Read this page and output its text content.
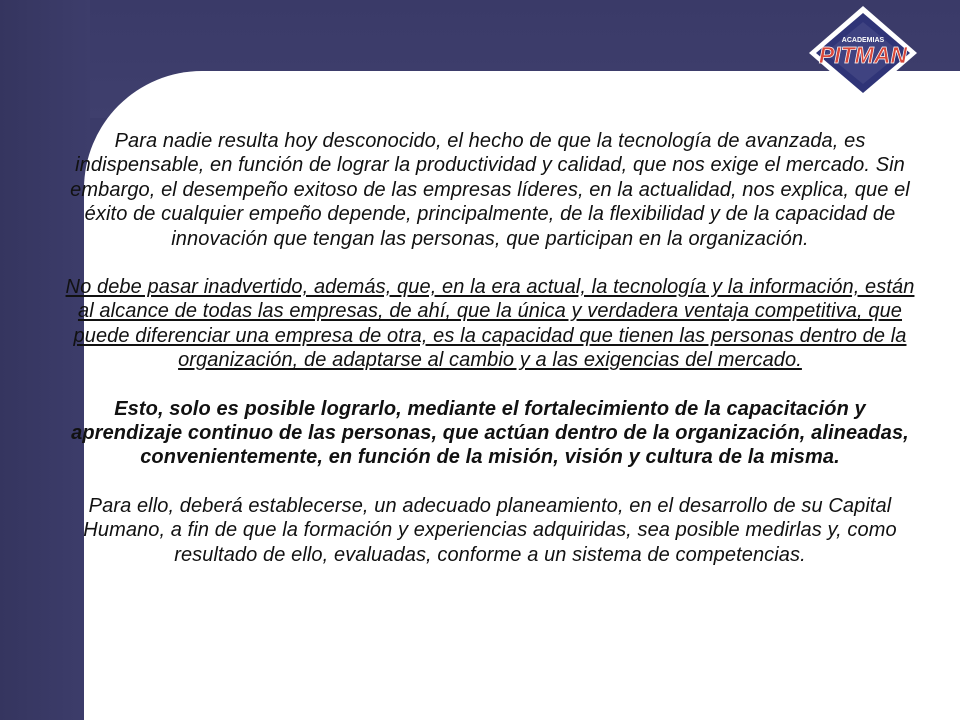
ACADEMIAS
PITMAN

Para nadie resulta hoy desconocido, el hecho de que la tecnología de avanzada, es indispensable, en función de lograr la productividad y calidad, que nos exige el mercado. Sin embargo, el desempeño exitoso de las empresas líderes, en la actualidad, nos explica, que el éxito de cualquier empeño depende, principalmente, de la flexibilidad y de la capacidad de innovación que tengan las personas, que participan en la organización.

No debe pasar inadvertido, además, que, en la era actual, la tecnología y la información, están al alcance de todas las empresas, de ahí, que la única y verdadera ventaja competitiva, que puede diferenciar una empresa de otra, es la capacidad que tienen las personas dentro de la organización, de adaptarse al cambio y a las exigencias del mercado.

Esto, solo es posible lograrlo, mediante el fortalecimiento de la capacitación y aprendizaje continuo de las personas, que actúan dentro de la organización, alineadas, convenientemente, en función de la misión, visión y cultura de la misma.

Para ello, deberá establecerse, un adecuado planeamiento, en el desarrollo de su Capital Humano, a fin de que la formación y experiencias adquiridas, sea posible medirlas y, como resultado de ello, evaluadas, conforme a un sistema de competencias.
